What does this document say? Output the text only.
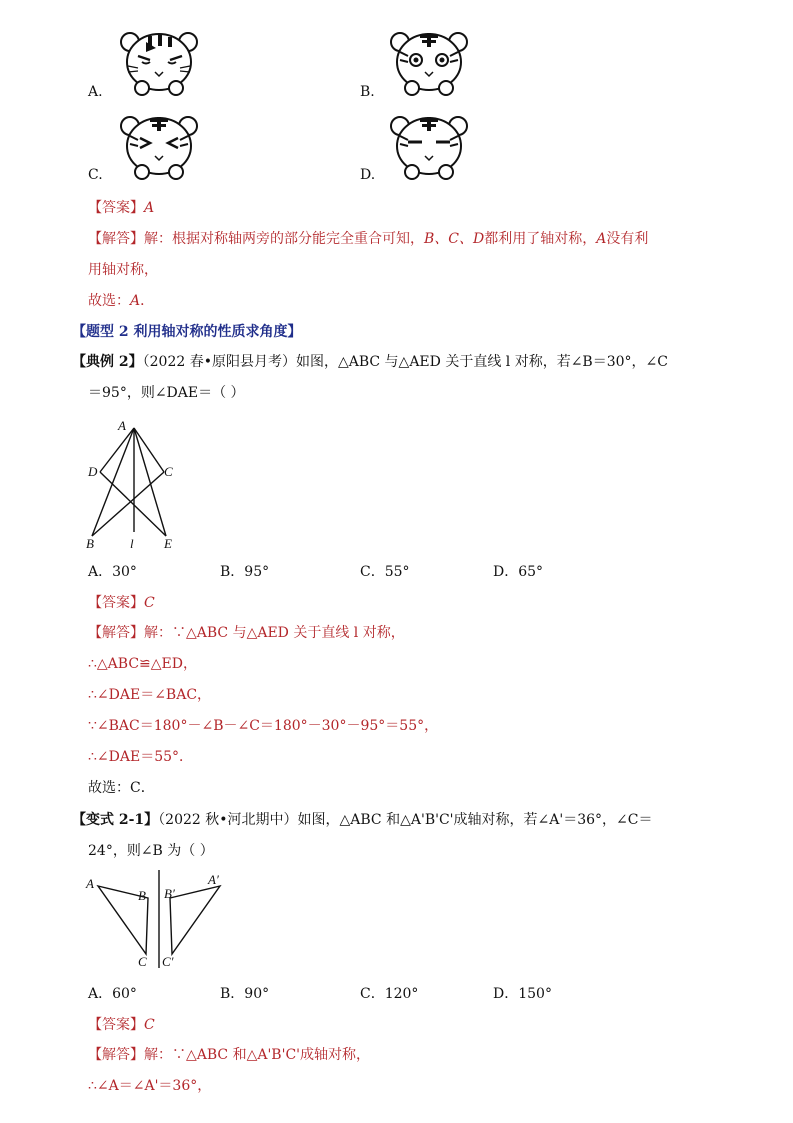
A.	B.
C.	D.
【答案】A
【解答】解：根据对称轴两旁的部分能完全重合可知，B、C、D都利用了轴对称，A没有利
用轴对称，
故选：A．
【题型 2 利用轴对称的性质求角度】
【典例 2】（2022 春•原阳县月考）如图，△ABC 与△AED 关于直线 l 对称，若∠B＝30°，∠C
＝95°，则∠DAE＝（ ）
A
D	C
B	l E
A．30°	B．95°	C．55°	D．65°
【答案】C
【解答】解：∵△ABC 与△AED 关于直线 l 对称，
∴△ABC≌△ED，
∴∠DAE＝∠BAC，
∵∠BAC＝180°－∠B－∠C＝180°－30°－95°＝55°，
∴∠DAE＝55°．
故选：C．
【变式 2-1】（2022 秋•河北期中）如图，△ABC 和△A'B'C'成轴对称，若∠A'＝36°，∠C＝
24°，则∠B 为（ ）
A
B
C
B′
A′
C′
A．60°	B．90°	C．120°	D．150°
【答案】C
【解答】解：∵△ABC 和△A'B'C'成轴对称，
∴∠A＝∠A'＝36°，
